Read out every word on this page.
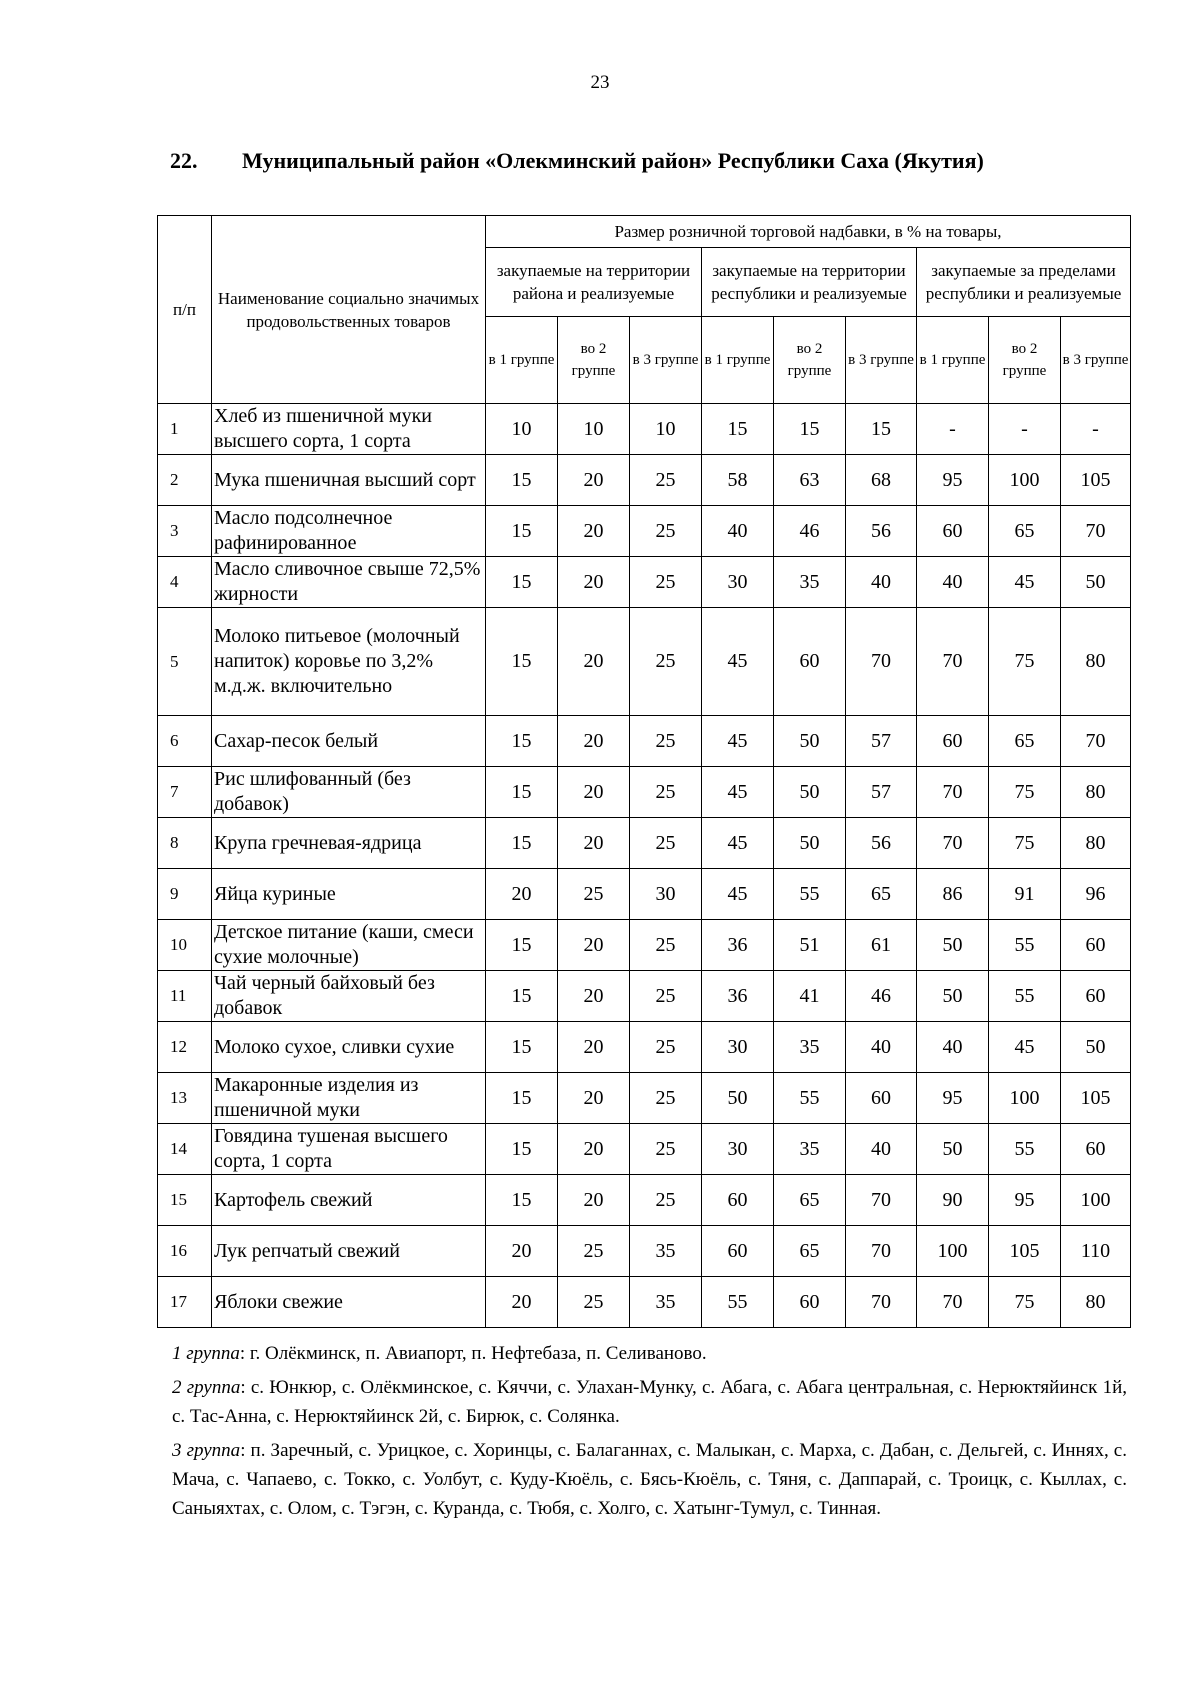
23
22. Муниципальный район «Олекминский район» Республики Саха (Якутия)
п/п	Наименование социально значимых продовольственных товаров	Размер розничной торговой надбавки, в % на товары,								
		закупаемые на территории района и реализуемые			закупаемые на территории республики и реализуемые			закупаемые за пределами республики и реализуемые		
		в 1 группе	во 2 группе	в 3 группе	в 1 группе	во 2 группе	в 3 группе	в 1 группе	во 2 группе	в 3 группе
1	Хлеб из пшеничной муки высшего сорта, 1 сорта	10	10	10	15	15	15	-	-	-
2	Мука пшеничная высший сорт	15	20	25	58	63	68	95	100	105
3	Масло подсолнечное рафинированное	15	20	25	40	46	56	60	65	70
4	Масло сливочное свыше 72,5% жирности	15	20	25	30	35	40	40	45	50
5	Молоко питьевое (молочный напиток) коровье по 3,2% м.д.ж. включительно	15	20	25	45	60	70	70	75	80
6	Сахар-песок белый	15	20	25	45	50	57	60	65	70
7	Рис шлифованный (без добавок)	15	20	25	45	50	57	70	75	80
8	Крупа гречневая-ядрица	15	20	25	45	50	56	70	75	80
9	Яйца куриные	20	25	30	45	55	65	86	91	96
10	Детское питание (каши, смеси сухие молочные)	15	20	25	36	51	61	50	55	60
11	Чай черный байховый без добавок	15	20	25	36	41	46	50	55	60
12	Молоко сухое, сливки сухие	15	20	25	30	35	40	40	45	50
13	Макаронные изделия из пшеничной муки	15	20	25	50	55	60	95	100	105
14	Говядина тушеная высшего сорта, 1 сорта	15	20	25	30	35	40	50	55	60
15	Картофель свежий	15	20	25	60	65	70	90	95	100
16	Лук репчатый свежий	20	25	35	60	65	70	100	105	110
17	Яблоки свежие	20	25	35	55	60	70	70	75	80

1 группа: г. Олёкминск, п. Авиапорт, п. Нефтебаза, п. Селиваново.

2 группа: с. Юнкюр, с. Олёкминское, с. Кяччи, с. Улахан-Мунку, с. Абага, с. Абага центральная, с. Нерюктяйинск 1й, с. Тас-Анна, с. Нерюктяйинск 2й, с. Бирюк, с. Солянка.

3 группа: п. Заречный, с. Урицкое, с. Хоринцы, с. Балаганнах, с. Малыкан, с. Марха, с. Дабан, с. Дельгей, с. Иннях, с. Мача, с. Чапаево, с. Токко, с. Уолбут, с. Куду-Кюёль, с. Бясь-Кюёль, с. Тяня, с. Даппарай, с. Троицк, с. Кыллах, с. Саныяхтах, с. Олом, с. Тэгэн, с. Куранда, с. Тюбя, с. Холго, с. Хатынг-Тумул, с. Тинная.
